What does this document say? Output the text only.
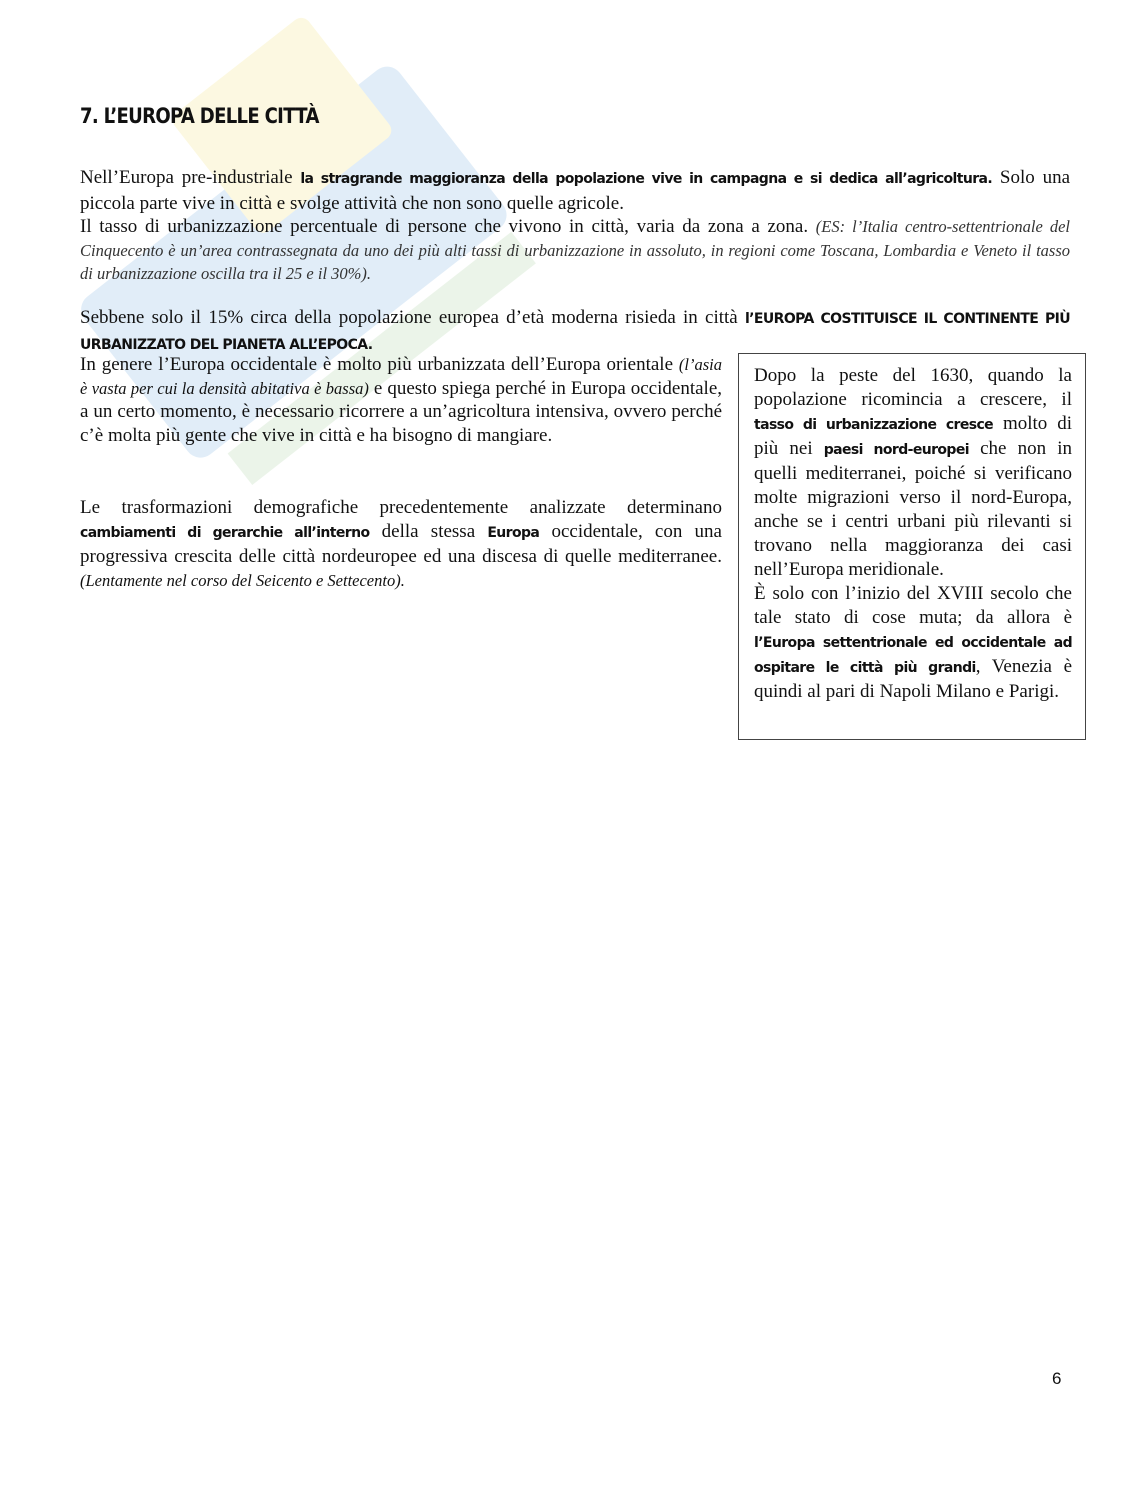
7. L’EUROPA DELLE CITTÀ

Nell’Europa pre-industriale la stragrande maggioranza della popolazione vive in campagna e si dedica all’agricoltura. Solo una piccola parte vive in città e svolge attività che non sono quelle agricole.
Il tasso di urbanizzazione percentuale di persone che vivono in città, varia da zona a zona. (ES: l’Italia centro-settentrionale del Cinquecento è un’area contrassegnata da uno dei più alti tassi di urbanizzazione in assoluto, in regioni come Toscana, Lombardia e Veneto il tasso di urbanizzazione oscilla tra il 25 e il 30%).

Sebbene solo il 15% circa della popolazione europea d’età moderna risieda in città l’EUROPA COSTITUISCE IL CONTINENTE PIÙ URBANIZZATO DEL PIANETA ALL’EPOCA.

In genere l’Europa occidentale è molto più urbanizzata dell’Europa orientale (l’asia è vasta per cui la densità abitativa è bassa) e questo spiega perché in Europa occidentale, a un certo momento, è necessario ricorrere a un’agricoltura intensiva, ovvero perché c’è molta più gente che vive in città e ha bisogno di mangiare.

Le trasformazioni demografiche precedentemente analizzate determinano cambiamenti di gerarchie all’interno della stessa Europa occidentale, con una progressiva crescita delle città nordeuropee ed una discesa di quelle mediterranee. (Lentamente nel corso del Seicento e Settecento).

Dopo la peste del 1630, quando la popolazione ricomincia a crescere, il tasso di urbanizzazione cresce molto di più nei paesi nord-europei che non in quelli mediterranei, poiché si verificano molte migrazioni verso il nord-Europa, anche se i centri urbani più rilevanti si trovano nella maggioranza dei casi nell’Europa meridionale.

È solo con l’inizio del XVIII secolo che tale stato di cose muta; da allora è l’Europa settentrionale ed occidentale ad ospitare le città più grandi, Venezia è quindi al pari di Napoli Milano e Parigi.

6
